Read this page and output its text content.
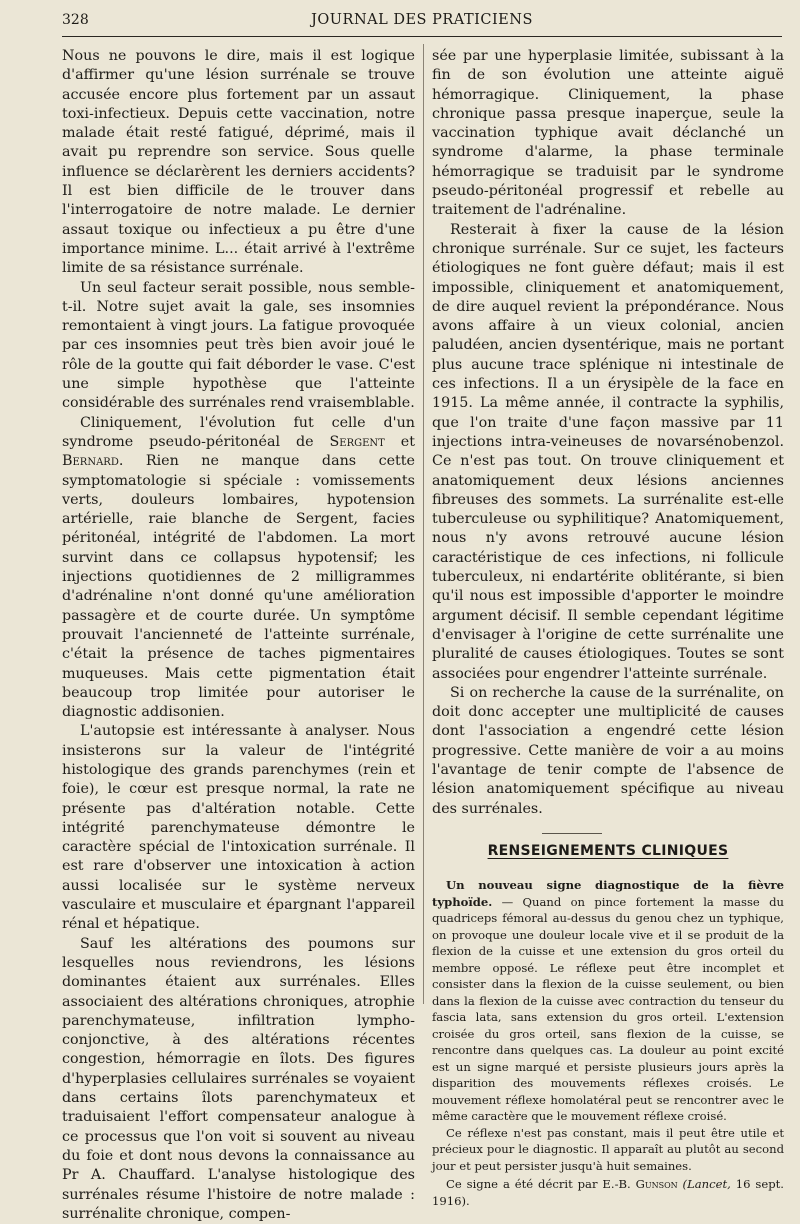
328	JOURNAL DES PRATICIENS

Nous ne pouvons le dire, mais il est logique d'affirmer qu'une lésion surrénale se trouve accusée encore plus fortement par un assaut toxi-infectieux. Depuis cette vaccination, notre malade était resté fatigué, déprimé, mais il avait pu reprendre son service. Sous quelle influence se déclarèrent les derniers accidents? Il est bien difficile de le trouver dans l'interrogatoire de notre malade. Le dernier assaut toxique ou infectieux a pu être d'une importance minime. L... était arrivé à l'extrême limite de sa résistance surrénale.

Un seul facteur serait possible, nous semble-t-il. Notre sujet avait la gale, ses insomnies remontaient à vingt jours. La fatigue provoquée par ces insomnies peut très bien avoir joué le rôle de la goutte qui fait déborder le vase. C'est une simple hypothèse que l'atteinte considérable des surrénales rend vraisemblable.

Cliniquement, l'évolution fut celle d'un syndrome pseudo-péritonéal de Sergent et Bernard. Rien ne manque dans cette symptomatologie si spéciale : vomissements verts, douleurs lombaires, hypotension artérielle, raie blanche de Sergent, facies péritonéal, intégrité de l'abdomen. La mort survint dans ce collapsus hypotensif; les injections quotidiennes de 2 milligrammes d'adrénaline n'ont donné qu'une amélioration passagère et de courte durée. Un symptôme prouvait l'ancienneté de l'atteinte surrénale, c'était la présence de taches pigmentaires muqueuses. Mais cette pigmentation était beaucoup trop limitée pour autoriser le diagnostic addisonien.

L'autopsie est intéressante à analyser. Nous insisterons sur la valeur de l'intégrité histologique des grands parenchymes (rein et foie), le cœur est presque normal, la rate ne présente pas d'altération notable. Cette intégrité parenchymateuse démontre le caractère spécial de l'intoxication surrénale. Il est rare d'observer une intoxication à action aussi localisée sur le système nerveux vasculaire et musculaire et épargnant l'appareil rénal et hépatique.

Sauf les altérations des poumons sur lesquelles nous reviendrons, les lésions dominantes étaient aux surrénales. Elles associaient des altérations chroniques, atrophie parenchymateuse, infiltration lympho-conjonctive, à des altérations récentes congestion, hémorragie en îlots. Des figures d'hyperplasies cellulaires surrénales se voyaient dans certains îlots parenchymateux et traduisaient l'effort compensateur analogue à ce processus que l'on voit si souvent au niveau du foie et dont nous devons la connaissance au Pr A. Chauffard. L'analyse histologique des surrénales résume l'histoire de notre malade : surrénalite chronique, compen-

sée par une hyperplasie limitée, subissant à la fin de son évolution une atteinte aiguë hémorragique. Cliniquement, la phase chronique passa presque inaperçue, seule la vaccination typhique avait déclanché un syndrome d'alarme, la phase terminale hémorragique se traduisit par le syndrome pseudo-péritonéal progressif et rebelle au traitement de l'adrénaline.

Resterait à fixer la cause de la lésion chronique surrénale. Sur ce sujet, les facteurs étiologiques ne font guère défaut; mais il est impossible, cliniquement et anatomiquement, de dire auquel revient la prépondérance. Nous avons affaire à un vieux colonial, ancien paludéen, ancien dysentérique, mais ne portant plus aucune trace splénique ni intestinale de ces infections. Il a un érysipèle de la face en 1915. La même année, il contracte la syphilis, que l'on traite d'une façon massive par 11 injections intra-veineuses de novarsénobenzol. Ce n'est pas tout. On trouve cliniquement et anatomiquement deux lésions anciennes fibreuses des sommets. La surrénalite est-elle tuberculeuse ou syphilitique? Anatomiquement, nous n'y avons retrouvé aucune lésion caractéristique de ces infections, ni follicule tuberculeux, ni endartérite oblitérante, si bien qu'il nous est impossible d'apporter le moindre argument décisif. Il semble cependant légitime d'envisager à l'origine de cette surrénalite une pluralité de causes étiologiques. Toutes se sont associées pour engendrer l'atteinte surrénale.

Si on recherche la cause de la surrénalite, on doit donc accepter une multiplicité de causes dont l'association a engendré cette lésion progressive. Cette manière de voir a au moins l'avantage de tenir compte de l'absence de lésion anatomiquement spécifique au niveau des surrénales.

RENSEIGNEMENTS CLINIQUES

Un nouveau signe diagnostique de la fièvre typhoïde. — Quand on pince fortement la masse du quadriceps fémoral au-dessus du genou chez un typhique, on provoque une douleur locale vive et il se produit de la flexion de la cuisse et une extension du gros orteil du membre opposé. Le réflexe peut être incomplet et consister dans la flexion de la cuisse seulement, ou bien dans la flexion de la cuisse avec contraction du tenseur du fascia lata, sans extension du gros orteil. L'extension croisée du gros orteil, sans flexion de la cuisse, se rencontre dans quelques cas. La douleur au point excité est un signe marqué et persiste plusieurs jours après la disparition des mouvements réflexes croisés. Le mouvement réflexe homolatéral peut se rencontrer avec le même caractère que le mouvement réflexe croisé.

Ce réflexe n'est pas constant, mais il peut être utile et précieux pour le diagnostic. Il apparaît au plutôt au second jour et peut persister jusqu'à huit semaines.

Ce signe a été décrit par E.-B. Gunson (Lancet, 16 sept. 1916).
